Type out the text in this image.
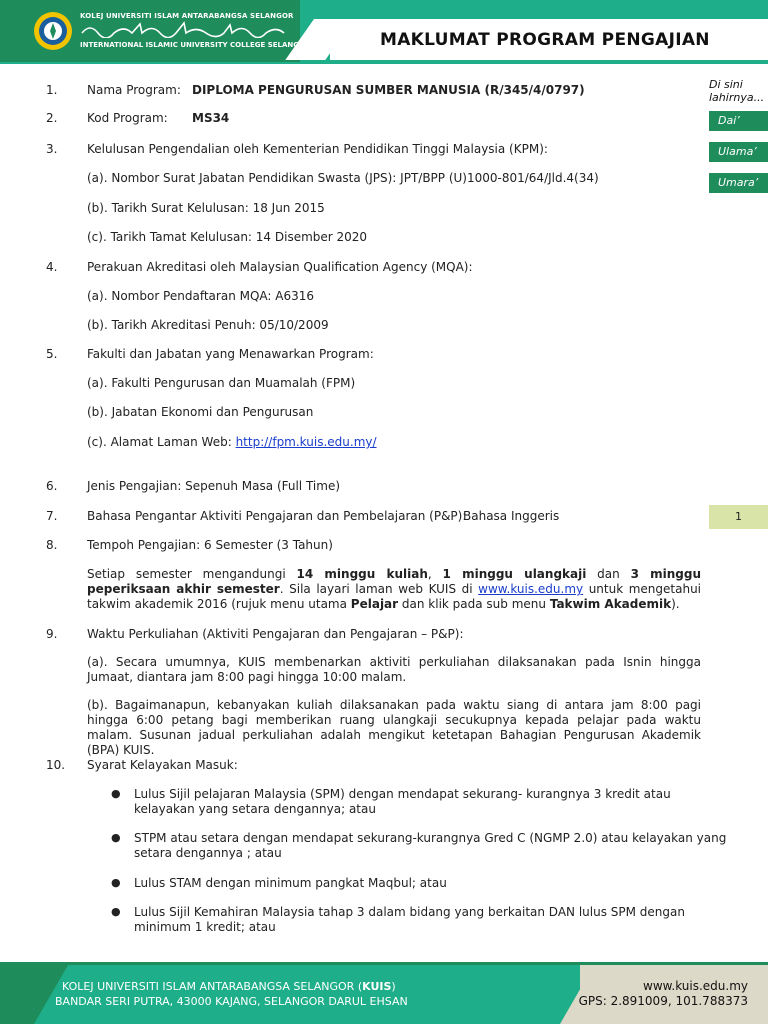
KOLEJ UNIVERSITI ISLAM ANTARABANGSA SELANGOR
INTERNATIONAL ISLAMIC UNIVERSITY COLLEGE SELANGOR	MAKLUMAT PROGRAM PENGAJIAN
Di sini lahirnya...
Dai’
Ulama’
Umara’
1
1. Nama Program: DIPLOMA PENGURUSAN SUMBER MANUSIA (R/345/4/0797)
2. Kod Program: MS34
3. Kelulusan Pengendalian oleh Kementerian Pendidikan Tinggi Malaysia (KPM):
(a). Nombor Surat Jabatan Pendidikan Swasta (JPS): JPT/BPP (U)1000-801/64/Jld.4(34)
(b). Tarikh Surat Kelulusan: 18 Jun 2015
(c). Tarikh Tamat Kelulusan: 14 Disember 2020
4. Perakuan Akreditasi oleh Malaysian Qualification Agency (MQA):
(a). Nombor Pendaftaran MQA: A6316
(b). Tarikh Akreditasi Penuh: 05/10/2009
5. Fakulti dan Jabatan yang Menawarkan Program:
(a). Fakulti Pengurusan dan Muamalah (FPM)
(b). Jabatan Ekonomi dan Pengurusan
(c). Alamat Laman Web: http://fpm.kuis.edu.my/
6. Jenis Pengajian: Sepenuh Masa (Full Time)
7. Bahasa Pengantar Aktiviti Pengajaran dan Pembelajaran (P&P):
Bahasa Inggeris
8. Tempoh Pengajian: 6 Semester (3 Tahun)
Setiap semester mengandungi 14 minggu kuliah, 1 minggu ulangkaji dan 3 minggu peperiksaan akhir semester. Sila layari laman web KUIS di www.kuis.edu.my untuk mengetahui takwim akademik 2016 (rujuk menu utama Pelajar dan klik pada sub menu Takwim Akademik).
9. Waktu Perkuliahan (Aktiviti Pengajaran dan Pengajaran – P&P):
(a). Secara umumnya, KUIS membenarkan aktiviti perkuliahan dilaksanakan pada Isnin hingga Jumaat, diantara jam 8:00 pagi hingga 10:00 malam.
(b). Bagaimanapun, kebanyakan kuliah dilaksanakan pada waktu siang di antara jam 8:00 pagi hingga 6:00 petang bagi memberikan ruang ulangkaji secukupnya kepada pelajar pada waktu malam. Susunan jadual perkuliahan adalah mengikut ketetapan Bahagian Pengurusan Akademik (BPA) KUIS.
10. Syarat Kelayakan Masuk:
● Lulus Sijil pelajaran Malaysia (SPM) dengan mendapat sekurang- kurangnya 3 kredit atau
kelayakan yang setara dengannya; atau
● STPM atau setara dengan mendapat sekurang-kurangnya Gred C (NGMP 2.0) atau kelayakan yang
setara dengannya ; atau
● Lulus STAM dengan minimum pangkat Maqbul; atau
● Lulus Sijil Kemahiran Malaysia tahap 3 dalam bidang yang berkaitan DAN lulus SPM dengan
minimum 1 kredit; atau
KOLEJ UNIVERSITI ISLAM ANTARABANGSA SELANGOR (KUIS)
BANDAR SERI PUTRA, 43000 KAJANG, SELANGOR DARUL EHSAN
www.kuis.edu.my
GPS: 2.891009, 101.788373
